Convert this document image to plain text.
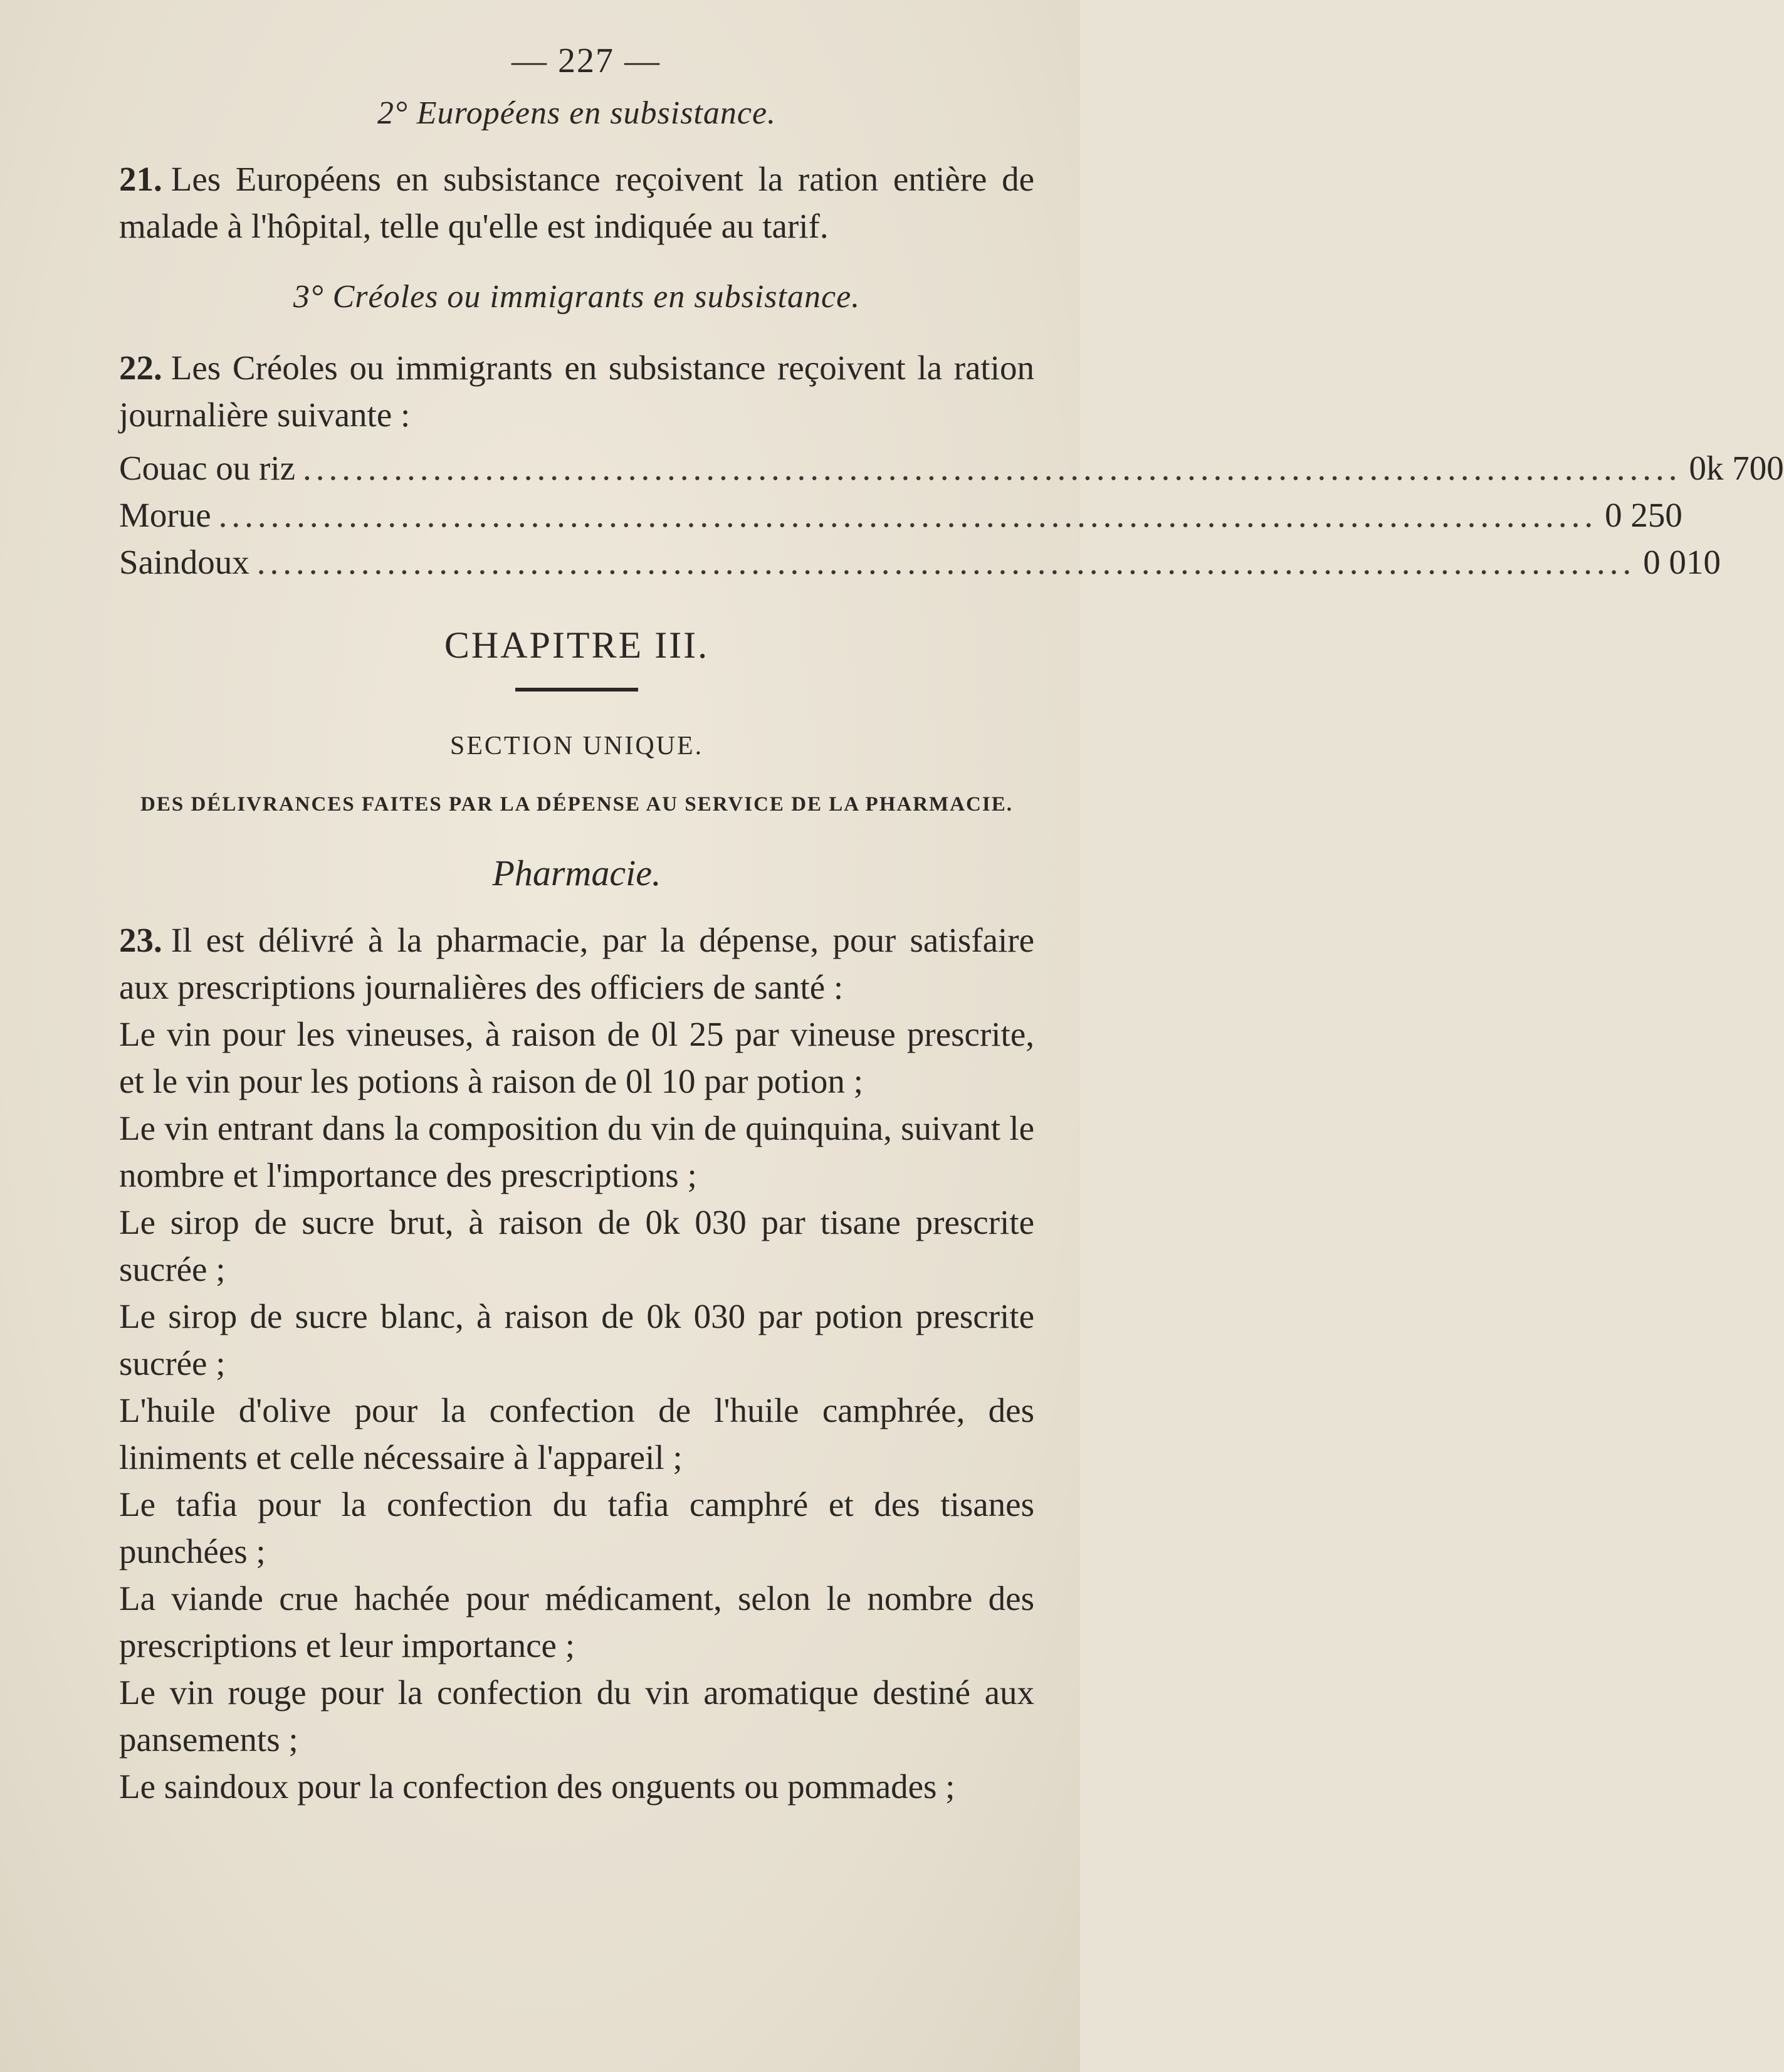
— 227 —
2° Européens en subsistance.

21. Les Européens en subsistance reçoivent la ration entière de malade à l'hôpital, telle qu'elle est indiquée au tarif.

3° Créoles ou immigrants en subsistance.

22. Les Créoles ou immigrants en subsistance reçoivent la ration journalière suivante :

Couac ou riz .......................................................................................................... 0k 700
Morue .......................................................................................................... 0 250
Saindoux .......................................................................................................... 0 010
CHAPITRE III.
SECTION UNIQUE.
DES DÉLIVRANCES FAITES PAR LA DÉPENSE AU SERVICE DE LA PHARMACIE.
Pharmacie.

23. Il est délivré à la pharmacie, par la dépense, pour satisfaire aux prescriptions journalières des officiers de santé :

Le vin pour les vineuses, à raison de 0l 25 par vineuse prescrite, et le vin pour les potions à raison de 0l 10 par potion ;

Le vin entrant dans la composition du vin de quinquina, suivant le nombre et l'importance des prescriptions ;

Le sirop de sucre brut, à raison de 0k 030 par tisane prescrite sucrée ;

Le sirop de sucre blanc, à raison de 0k 030 par potion prescrite sucrée ;

L'huile d'olive pour la confection de l'huile camphrée, des liniments et celle nécessaire à l'appareil ;

Le tafia pour la confection du tafia camphré et des tisanes punchées ;

La viande crue hachée pour médicament, selon le nombre des prescriptions et leur importance ;

Le vin rouge pour la confection du vin aromatique destiné aux pansements ;

Le saindoux pour la confection des onguents ou pommades ;
